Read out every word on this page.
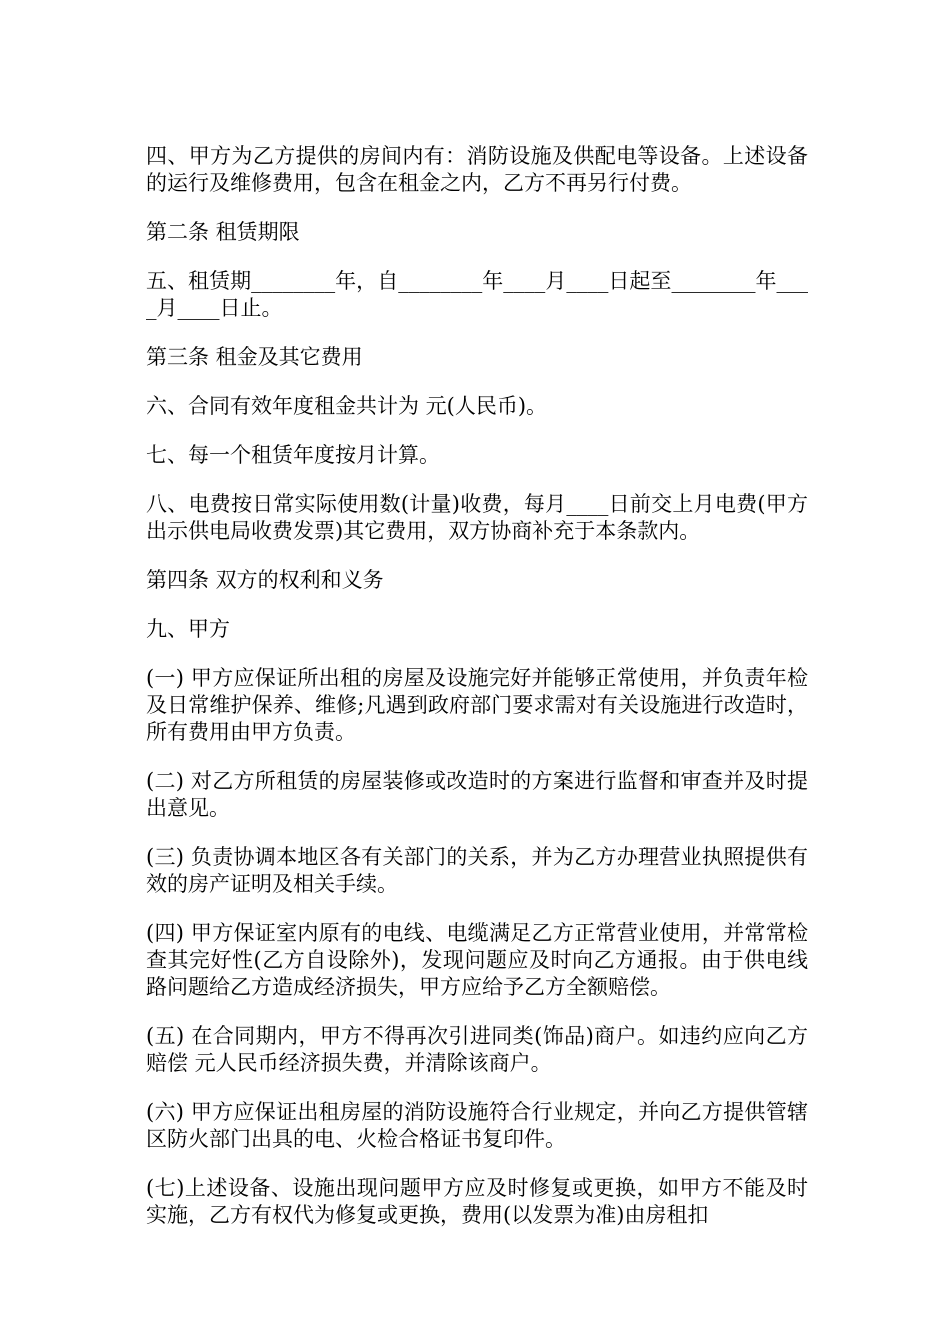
四、甲方为乙方提供的房间内有：消防设施及供配电等设备。上述设备的运行及维修费用，包含在租金之内，乙方不再另行付费。

第二条 租赁期限

五、租赁期________年，自________年____月____日起至________年____月____日止。

第三条 租金及其它费用

六、合同有效年度租金共计为 元(人民币)。

七、每一个租赁年度按月计算。

八、电费按日常实际使用数(计量)收费，每月____日前交上月电费(甲方出示供电局收费发票)其它费用，双方协商补充于本条款内。

第四条 双方的权利和义务

九、甲方

(一) 甲方应保证所出租的房屋及设施完好并能够正常使用，并负责年检及日常维护保养、维修;凡遇到政府部门要求需对有关设施进行改造时，所有费用由甲方负责。

(二) 对乙方所租赁的房屋装修或改造时的方案进行监督和审查并及时提出意见。

(三) 负责协调本地区各有关部门的关系，并为乙方办理营业执照提供有效的房产证明及相关手续。

(四) 甲方保证室内原有的电线、电缆满足乙方正常营业使用，并常常检查其完好性(乙方自设除外)，发现问题应及时向乙方通报。由于供电线路问题给乙方造成经济损失，甲方应给予乙方全额赔偿。

(五) 在合同期内，甲方不得再次引进同类(饰品)商户。如违约应向乙方赔偿 元人民币经济损失费，并清除该商户。

(六) 甲方应保证出租房屋的消防设施符合行业规定，并向乙方提供管辖区防火部门出具的电、火检合格证书复印件。

(七)上述设备、设施出现问题甲方应及时修复或更换，如甲方不能及时实施，乙方有权代为修复或更换，费用(以发票为准)由房租扣
